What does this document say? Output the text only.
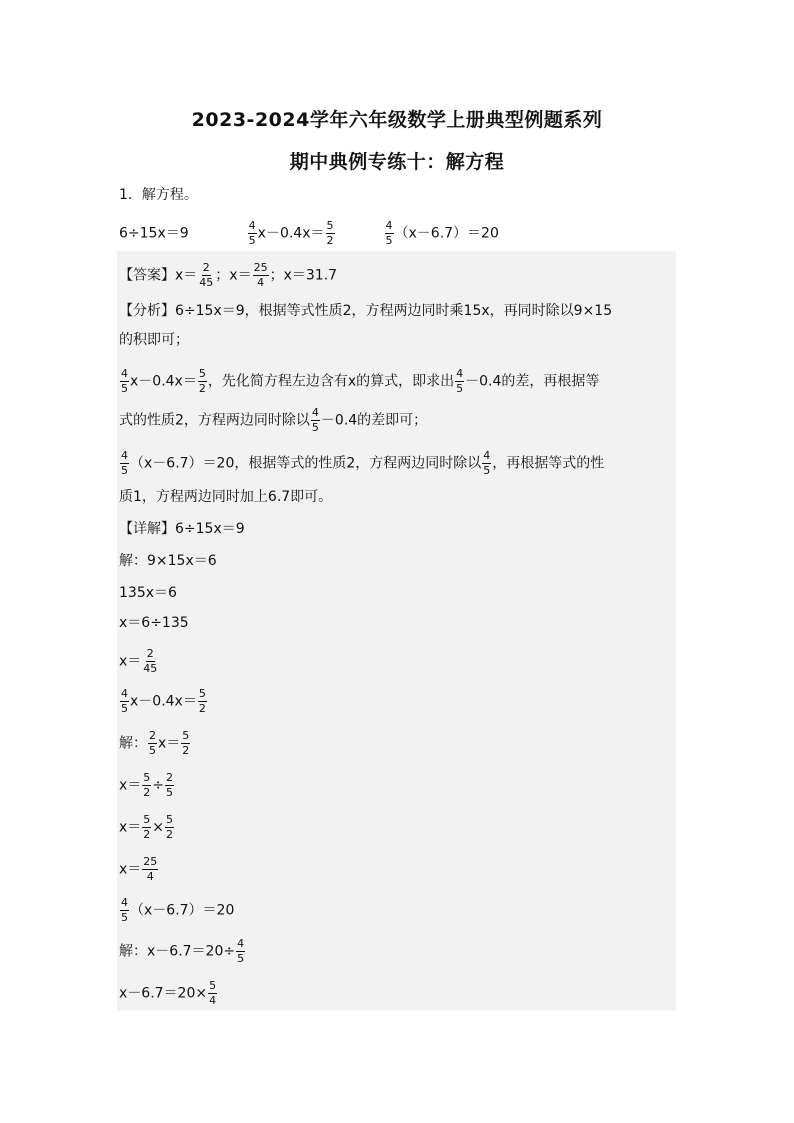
2023-2024学年六年级数学上册典型例题系列
期中典例专练十：解方程
1．解方程。
6÷15x＝9	$\frac{4}{5} x-0.4x= \frac{5}{2}$	$\frac{4}{5} (x-6.7)=20$
【答案】$x= \frac{2}{45}$ ；$x= \frac{25}{4}$ ；x＝31.7
【分析】6÷15x＝9，根据等式性质2，方程两边同时乘15x，再同时除以9×15
的积即可；
$\frac{4}{5} x-0.4x= \frac{5}{2}$ ，先化简方程左边含有x的算式，即求出 $\frac{4}{5} -0.4$的差，再根据等
式的性质2，方程两边同时除以 $\frac{4}{5} -0.4$的差即可；
$\frac{4}{5} (x-6.7)=20$，根据等式的性质2，方程两边同时除以 $\frac{4}{5}$ ，再根据等式的性
质1，方程两边同时加上6.7即可。
【详解】6÷15x＝9
解：9×15x＝6
135x＝6
x＝6÷135
$x= \frac{2}{45}$
$\frac{4}{5} x-0.4x= \frac{5}{2}$
解： $\frac{2}{5} x= \frac{5}{2}$
$x= \frac{5}{2} \div \frac{2}{5}$
$x= \frac{5}{2} \times \frac{5}{2}$
$x= \frac{25}{4}$
$\frac{4}{5} (x-6.7)=20$
解：$x-6.7=20\div \frac{4}{5}$
$x-6.7=20\times \frac{5}{4}$
